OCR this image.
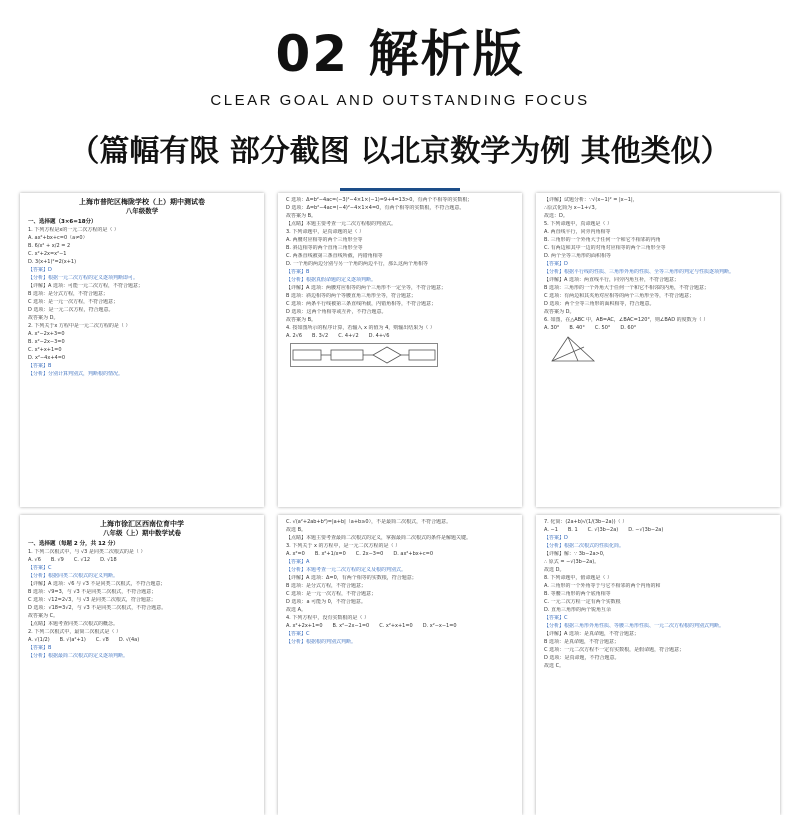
02 解析版
CLEAR GOAL AND OUTSTANDING FOCUS
（篇幅有限 部分截图 以北京数学为例 其他类似）
上海市普陀区梅陇学校（上）期中测试卷
八年级数学
一、选择题（3×6=18分）
1. 下列方程是x的一元二次方程的是（ ）
A. ax²+bx+c=0（a≠0）
B. 6/x² + x/2 = 2
C. x²+2x=x²−1
D. 3(x+1)²=2(x+1)
【答案】D
【分析】根据一元二次方程的定义逐项判断即可。
【详解】A 选项：可能一元二次方程，不符合题意；
B 选项：是分式方程，不符合题意；
C 选项：是一元一次方程，不符合题意；
D 选项：是一元二次方程，符合题意。
故答案为 D。
2. 下列关于x 方程中是一元二次方程的是（ ）
A. x²−2x+3=0
B. x²−2x−3=0
C. x²+x+1=0
D. x²−4x+4=0
【答案】B
【分析】分别计算判别式，判断根的情况。
C 选项：Δ=b²−4ac=(−3)²−4×1×(−1)=9+4=13>0，有两个不相等的实数根；
D 选项：Δ=b²−4ac=(−4)²−4×1×4=0，有两个相等的实数根，不符合题意。
故答案为 B。
【点睛】本题主要考查一元二次方程根的判别式。
3. 下列命题中，是真命题的是（ ）
A. 两腰对应相等的两个三角形全等
B. 斜边相等的两个直角三角形全等
C. 两条直线被第三条直线所截，内错角相等
D. 一个角的两边分别与另一个角的两边平行，那么这两个角相等
【答案】B
【分析】根据真假命题的定义逐项判断。
【详解】A 选项：两腰对应相等的两个三角形不一定全等，不符合题意；
B 选项：斜边相等的两个等腰直角三角形全等，符合题意；
C 选项：两条平行线被第三条直线所截，内错角相等，不符合题意；
D 选项：这两个角相等或互补，不符合题意。
故答案为 B。
4. 按如图所示的程序计算，若输入 x 的值为 4，则输出结果为（ ）
A. 2√6　　B. 3√2　　C. 4+√2　　D. 4+√6
【详解】试题分析：∵√(x−1)² = |x−1|，
∴原式化简为 x−1+√3。
故选：D。
5. 下列命题中，真命题是（ ）
A. 两直线平行，同旁内角相等
B. 三角形的一个外角大于任何一个和它不相邻的内角
C. 有两边和其中一边的对角对应相等的两个三角形全等
D. 两个全等三角形的面积相等
【答案】D
【分析】根据平行线的性质、三角形外角的性质、全等三角形的判定与性质逐项判断。
【详解】A 选项：两直线平行，同旁内角互补，不符合题意；
B 选项：三角形的一个外角大于任何一个和它不相邻的内角，不符合题意；
C 选项：有两边和其夹角对应相等的两个三角形全等，不符合题意；
D 选项：两个全等三角形的面积相等，符合题意。
故答案为 D。
6. 如图，在△ABC 中，AB=AC，∠BAC=120°，则∠BAD 的度数为（ ）
A. 30°　　B. 40°　　C. 50°　　D. 60°
上海市徐汇区西南位育中学
八年级（上）期中数学试卷
一、选择题（每题 2 分，共 12 分）
1. 下列二次根式中，与 √3 是同类二次根式的是（ ）
A. √6　　B. √9　　C. √12　　D. √18
【答案】C
【分析】根据同类二次根式的定义判断。
【详解】A 选项：√6 与 √3 不是同类二次根式，不符合题意；
B 选项：√9=3，与 √3 不是同类二次根式，不符合题意；
C 选项：√12=2√3，与 √3 是同类二次根式，符合题意；
D 选项：√18=3√2，与 √3 不是同类二次根式，不符合题意。
故答案为 C。
【点睛】本题考查同类二次根式的概念。
2. 下列二次根式中，最简二次根式是（ ）
A. √(1/2)　　B. √(a²+1)　　C. √8　　D. √(4a)
【答案】B
【分析】根据最简二次根式的定义逐项判断。
C. √(a²+2ab+b²)=|a+b|（a+b≥0），不是最简二次根式，不符合题意。
故选 B。
【点睛】本题主要考查最简二次根式的定义，掌握最简二次根式的条件是解题关键。
3. 下列关于 x 的方程中，是一元二次方程的是（ ）
A. x²=0　　B. x²+1/x=0　　C. 2x−3=0　　D. ax²+bx+c=0
【答案】A
【分析】本题考查一元二次方程的定义及根的判别式。
【详解】A 选项：Δ=0，有两个相等的实数根，符合题意；
B 选项：是分式方程，不符合题意；
C 选项：是一元一次方程，不符合题意；
D 选项：a 可能为 0，不符合题意。
故选 A。
4. 下列方程中，没有实数根的是（ ）
A. x²+2x+1=0　　B. x²−2x−1=0　　C. x²+x+1=0　　D. x²−x−1=0
【答案】C
【分析】根据根的判别式判断。
7. 化简：(2a+b)√(1/(3b−2a))（ ）
A. −1　　B. 1　　C. √(3b−2a)　　D. −√(3b−2a)
【答案】D
【分析】根据二次根式的性质化简。
【详解】解：∵ 3b−2a>0，
∴ 原式 = −√(3b−2a)。
故选 D。
8. 下列命题中，假命题是（ ）
A. 三角形的一个外角等于与它不相邻的两个内角的和
B. 等腰三角形的两个底角相等
C. 一元二次方程一定有两个实数根
D. 直角三角形的两个锐角互余
【答案】C
【分析】根据三角形外角性质、等腰三角形性质、一元二次方程根的判别式判断。
【详解】A 选项：是真命题，不符合题意；
B 选项：是真命题，不符合题意；
C 选项：一元二次方程不一定有实数根，是假命题，符合题意；
D 选项：是真命题，不符合题意。
故选 C。
